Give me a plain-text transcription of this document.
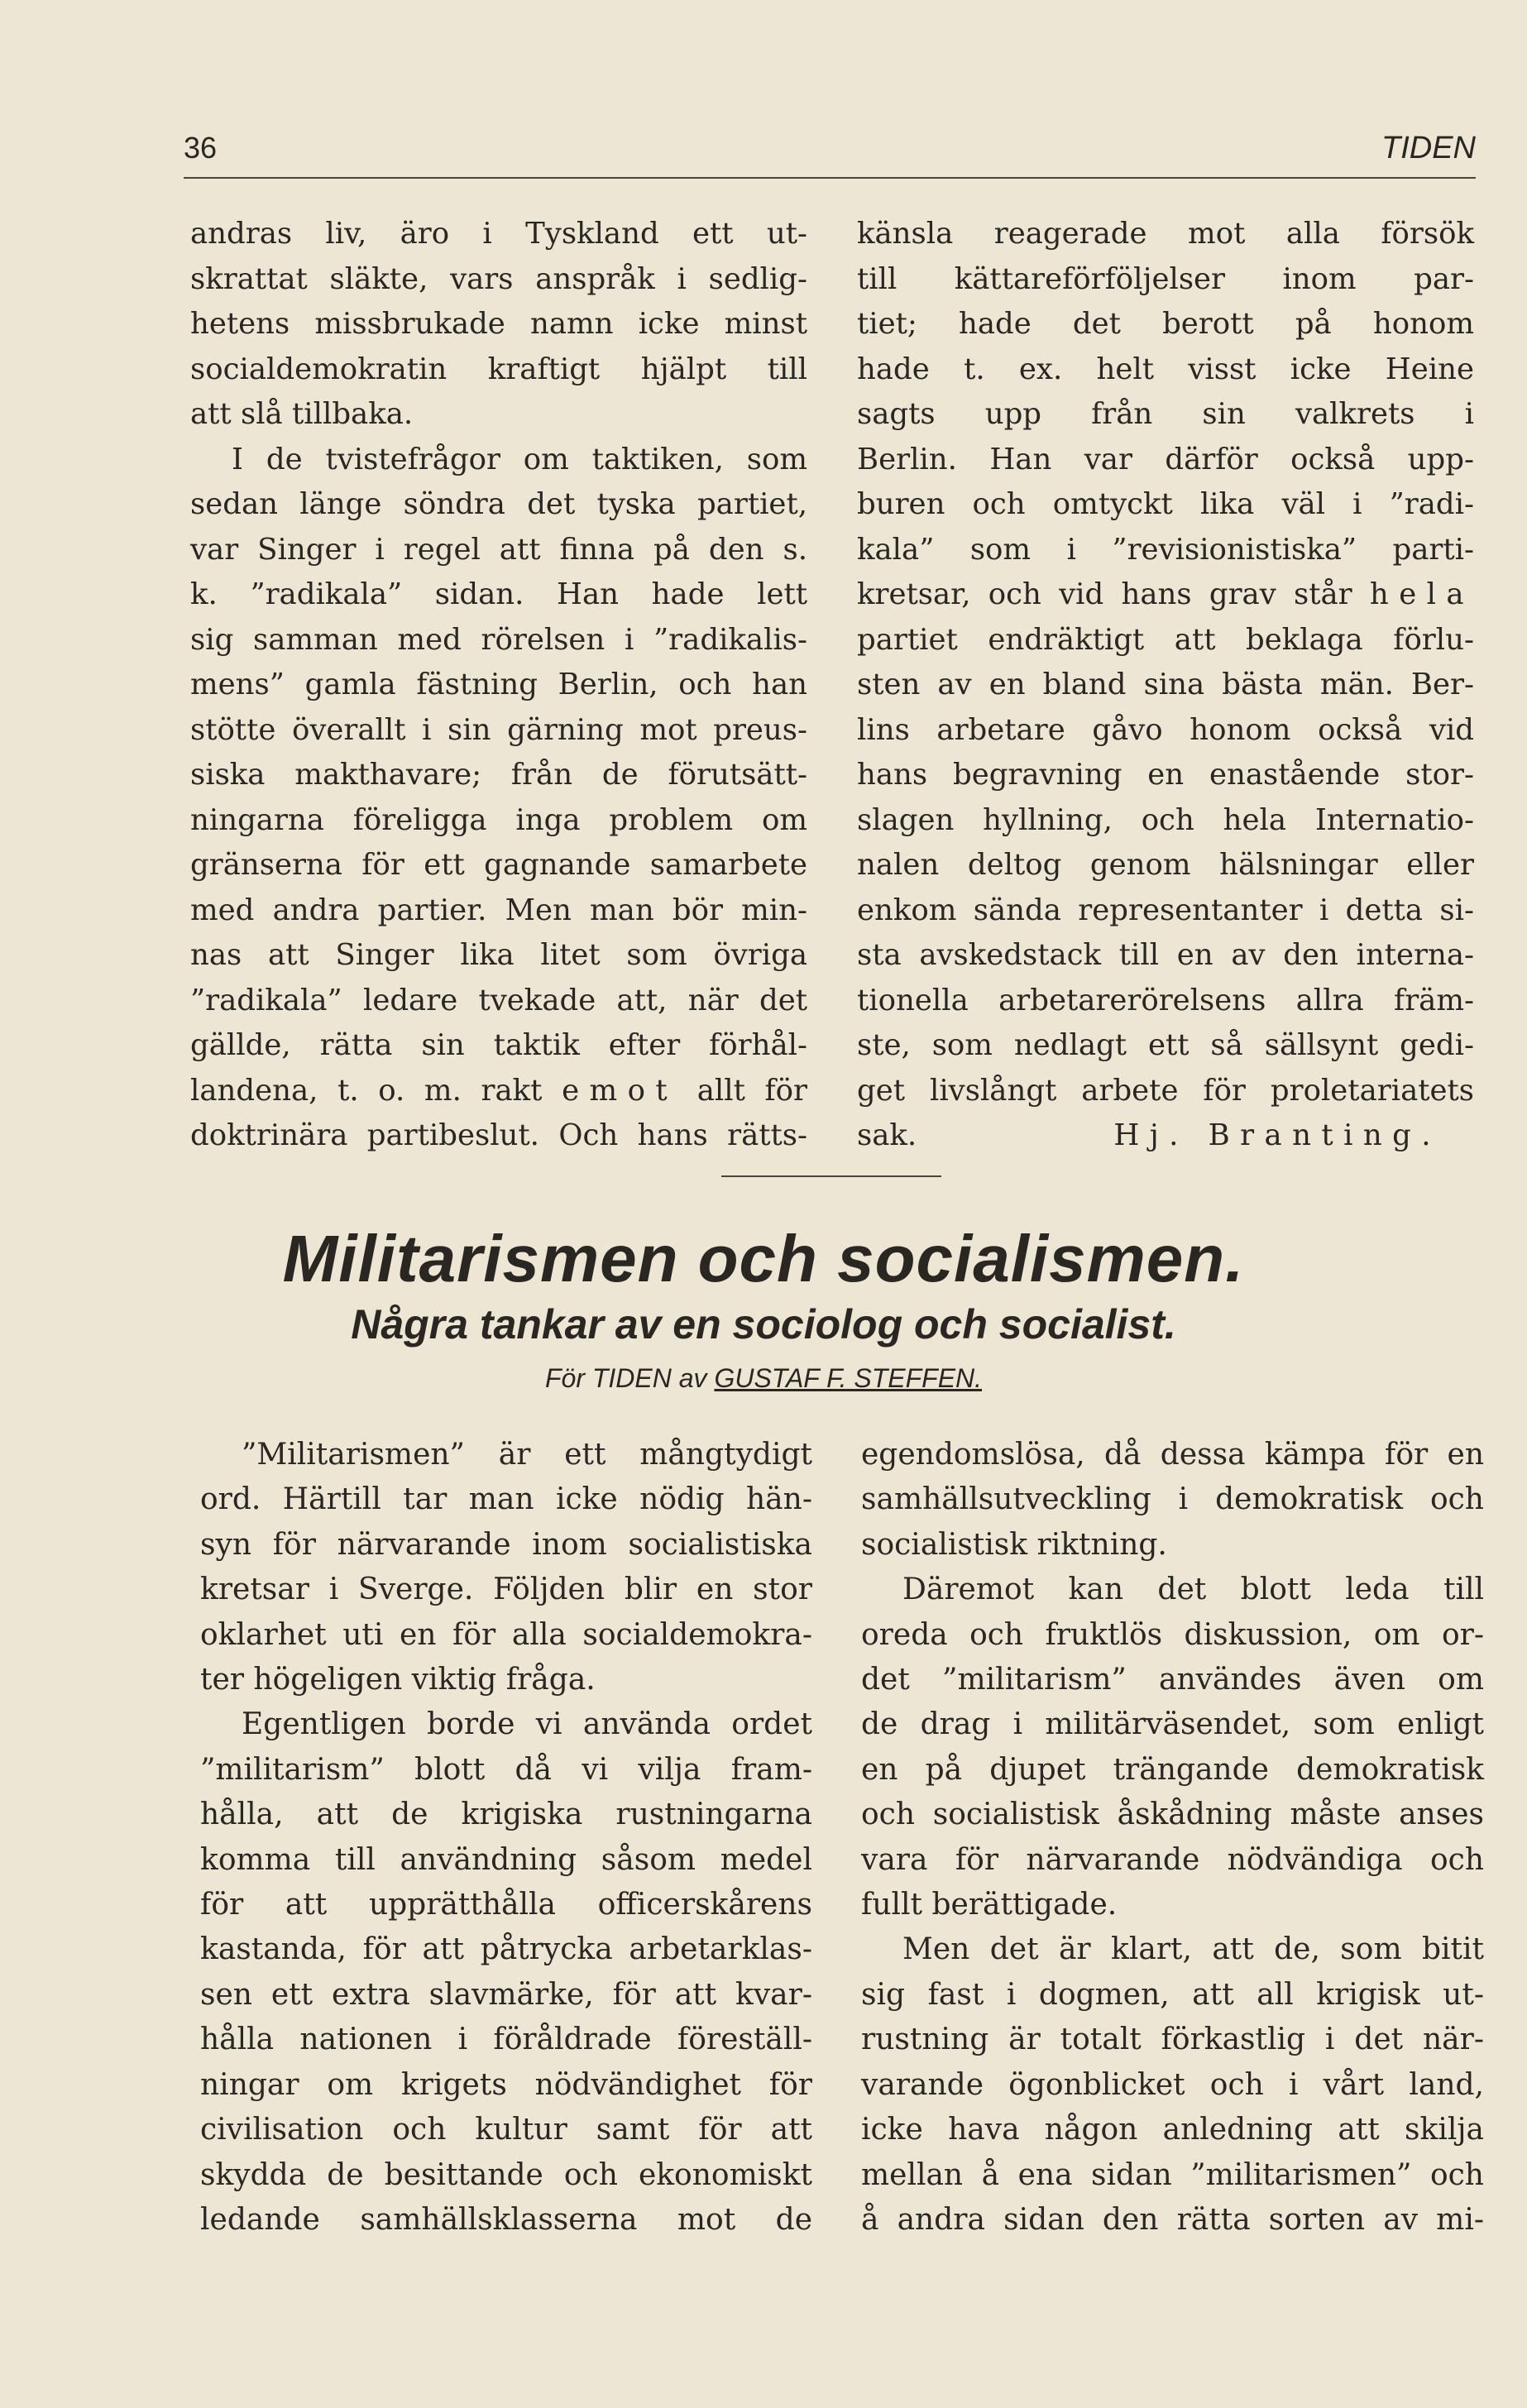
36	TIDEN

andras liv, äro i Tyskland ett ut-

skrattat släkte, vars anspråk i sedlig-

hetens missbrukade namn icke minst

socialdemokratin kraftigt hjälpt till

att slå tillbaka.

I de tvistefrågor om taktiken, som

sedan länge söndra det tyska partiet,

var Singer i regel att finna på den s.

k. ”radikala” sidan. Han hade lett

sig samman med rörelsen i ”radikalis-

mens” gamla fästning Berlin, och han

stötte överallt i sin gärning mot preus-

siska makthavare; från de förutsätt-

ningarna föreligga inga problem om

gränserna för ett gagnande samarbete

med andra partier. Men man bör min-

nas att Singer lika litet som övriga

”radikala” ledare tvekade att, när det

gällde, rätta sin taktik efter förhål-

landena, t. o. m. rakt emot allt för

doktrinära partibeslut. Och hans rätts-

känsla reagerade mot alla försök

till kättareförföljelser inom par-

tiet; hade det berott på honom

hade t. ex. helt visst icke Heine

sagts upp från sin valkrets i

Berlin. Han var därför också upp-

buren och omtyckt lika väl i ”radi-

kala” som i ”revisionistiska” parti-

kretsar, och vid hans grav står hela

partiet endräktigt att beklaga förlu-

sten av en bland sina bästa män. Ber-

lins arbetare gåvo honom också vid

hans begravning en enastående stor-

slagen hyllning, och hela Internatio-

nalen deltog genom hälsningar eller

enkom sända representanter i detta si-

sta avskedstack till en av den interna-

tionella arbetarerörelsens allra främ-

ste, som nedlagt ett så sällsynt gedi-

get livslångt arbete för proletariatets

sak.	Hj. Branting.

Militarismen och socialismen.
Några tankar av en sociolog och socialist.
För TIDEN av GUSTAF F. STEFFEN.

”Militarismen” är ett mångtydigt

ord. Härtill tar man icke nödig hän-

syn för närvarande inom socialistiska

kretsar i Sverge. Följden blir en stor

oklarhet uti en för alla socialdemokra-

ter högeligen viktig fråga.

Egentligen borde vi använda ordet

”militarism” blott då vi vilja fram-

hålla, att de krigiska rustningarna

komma till användning såsom medel

för att upprätthålla officerskårens

kastanda, för att påtrycka arbetarklas-

sen ett extra slavmärke, för att kvar-

hålla nationen i föråldrade föreställ-

ningar om krigets nödvändighet för

civilisation och kultur samt för att

skydda de besittande och ekonomiskt

ledande samhällsklasserna mot de

egendomslösa, då dessa kämpa för en

samhällsutveckling i demokratisk och

socialistisk riktning.

Däremot kan det blott leda till

oreda och fruktlös diskussion, om or-

det ”militarism” användes även om

de drag i militärväsendet, som enligt

en på djupet trängande demokratisk

och socialistisk åskådning måste anses

vara för närvarande nödvändiga och

fullt berättigade.

Men det är klart, att de, som bitit

sig fast i dogmen, att all krigisk ut-

rustning är totalt förkastlig i det när-

varande ögonblicket och i vårt land,

icke hava någon anledning att skilja

mellan å ena sidan ”militarismen” och

å andra sidan den rätta sorten av mi-
